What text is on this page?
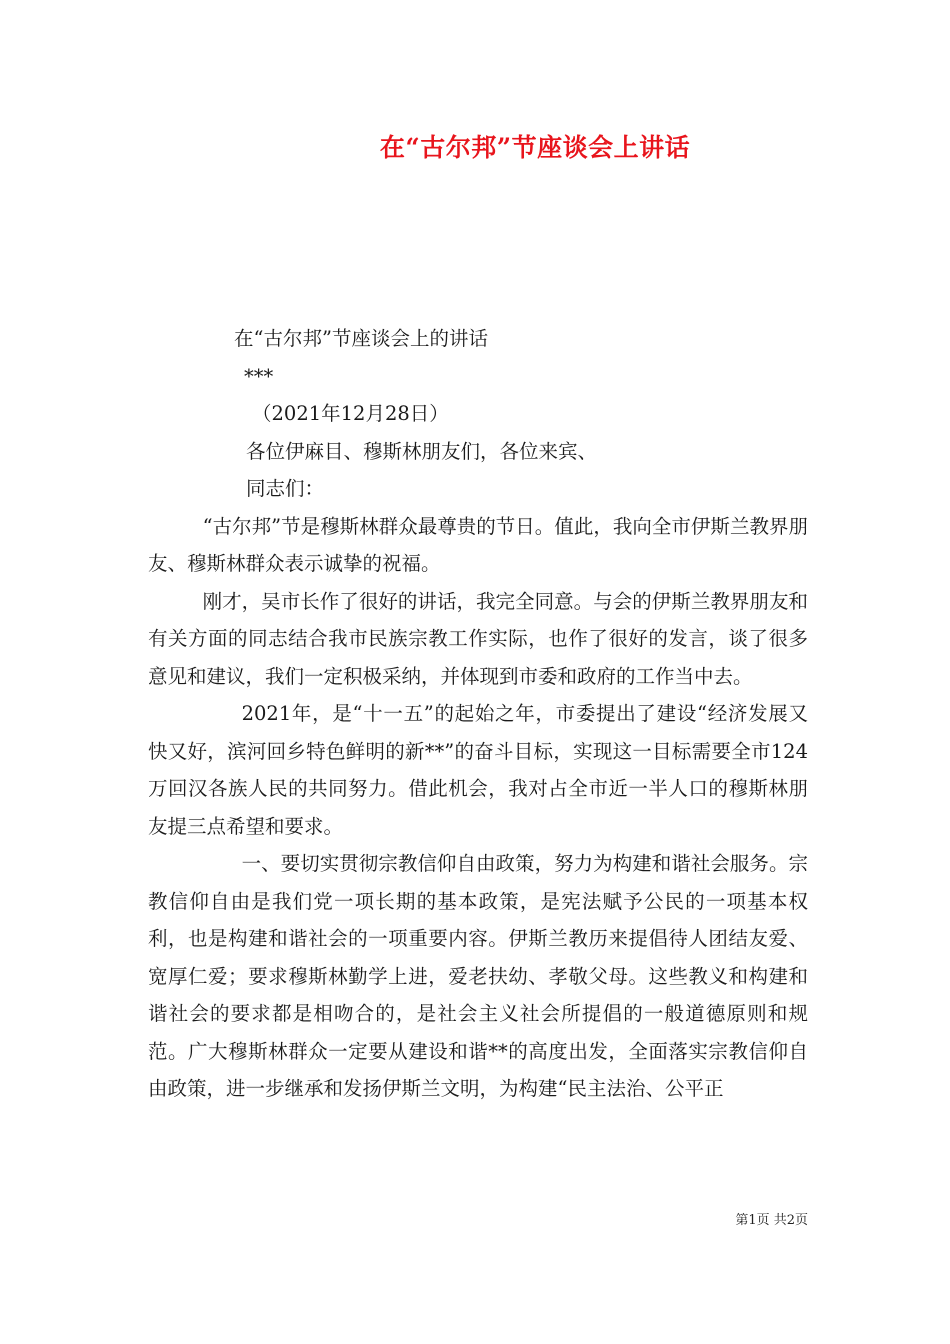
在“古尔邦”节座谈会上讲话

在“古尔邦”节座谈会上的讲话

***

（2021年12月28日）

各位伊麻目、穆斯林朋友们，各位来宾、

同志们：

“古尔邦”节是穆斯林群众最尊贵的节日。值此，我向全市伊斯兰教界朋友、穆斯林群众表示诚挚的祝福。

刚才，吴市长作了很好的讲话，我完全同意。与会的伊斯兰教界朋友和有关方面的同志结合我市民族宗教工作实际，也作了很好的发言，谈了很多意见和建议，我们一定积极采纳，并体现到市委和政府的工作当中去。

2021年，是“十一五”的起始之年，市委提出了建设“经济发展又快又好，滨河回乡特色鲜明的新**”的奋斗目标，实现这一目标需要全市124万回汉各族人民的共同努力。借此机会，我对占全市近一半人口的穆斯林朋友提三点希望和要求。

一、要切实贯彻宗教信仰自由政策，努力为构建和谐社会服务。宗教信仰自由是我们党一项长期的基本政策，是宪法赋予公民的一项基本权利，也是构建和谐社会的一项重要内容。伊斯兰教历来提倡待人团结友爱、宽厚仁爱；要求穆斯林勤学上进，爱老扶幼、孝敬父母。这些教义和构建和谐社会的要求都是相吻合的，是社会主义社会所提倡的一般道德原则和规范。广大穆斯林群众一定要从建设和谐**的高度出发，全面落实宗教信仰自由政策，进一步继承和发扬伊斯兰文明，为构建“民主法治、公平正

第1页 共2页
